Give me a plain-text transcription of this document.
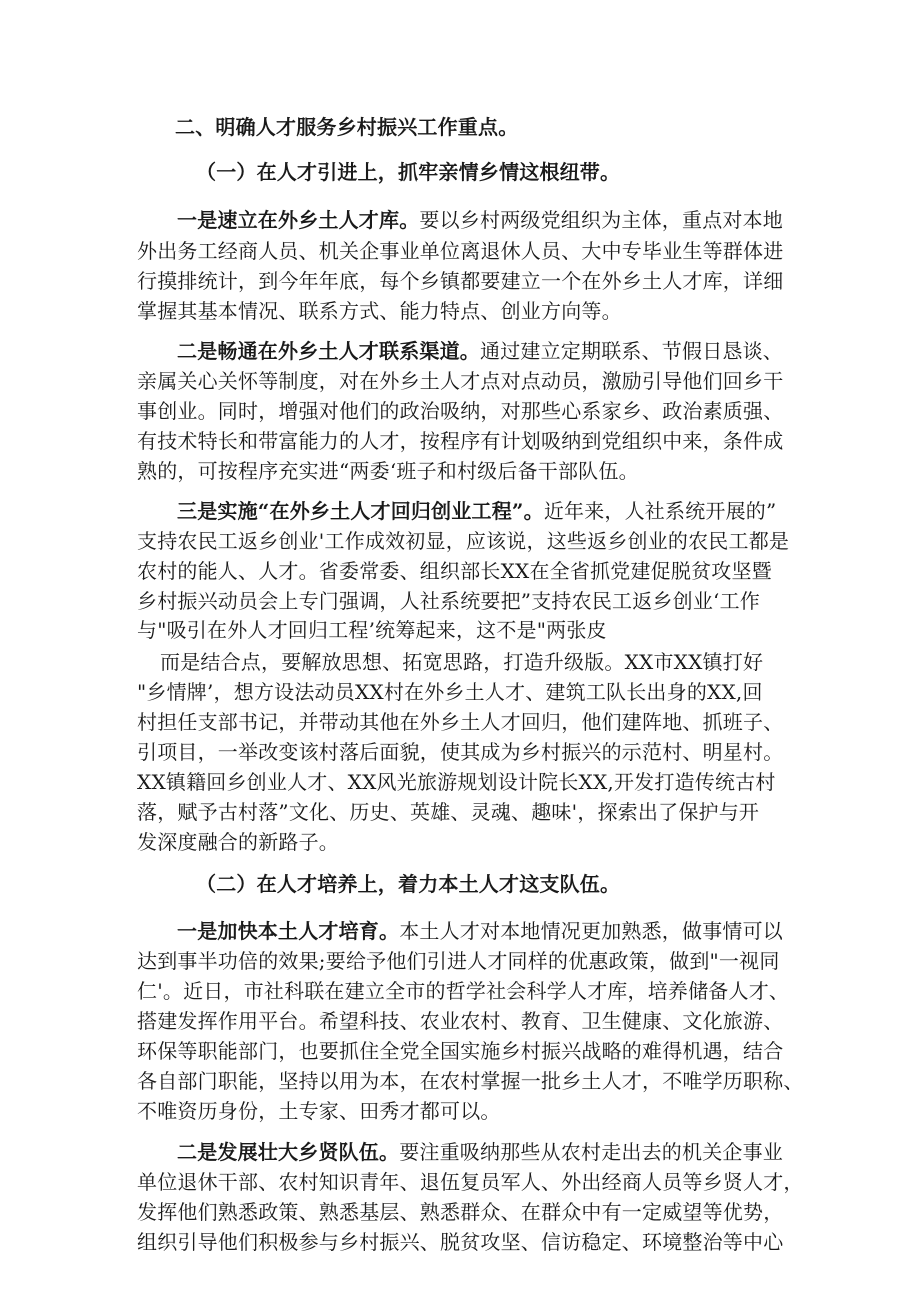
二、明确人才服务乡村振兴工作重点。
（一）在人才引进上，抓牢亲情乡情这根纽带。
一是速立在外乡土人才库。要以乡村两级党组织为主体，重点对本地
外出务工经商人员、机关企事业单位离退休人员、大中专毕业生等群体进
行摸排统计，到今年年底，每个乡镇都要建立一个在外乡土人才库，详细
掌握其基本情况、联系方式、能力特点、创业方向等。
二是畅通在外乡土人才联系渠道。通过建立定期联系、节假日恳谈、
亲属关心关怀等制度，对在外乡土人才点对点动员，激励引导他们回乡干
事创业。同时，增强对他们的政治吸纳，对那些心系家乡、政治素质强、
有技术特长和带富能力的人才，按程序有计划吸纳到党组织中来，条件成
熟的，可按程序充实进“两委‘班子和村级后备干部队伍。
三是实施“在外乡土人才回归创业工程”。近年来，人社系统开展的”
支持农民工返乡创业'工作成效初显，应该说，这些返乡创业的农民工都是
农村的能人、人才。省委常委、组织部长XX在全省抓党建促脱贫攻坚暨
乡村振兴动员会上专门强调，人社系统要把”支持农民工返乡创业‘工作
与"吸引在外人才回归工程’统筹起来，这不是"两张皮
而是结合点，要解放思想、拓宽思路，打造升级版。XX市XX镇打好
"乡情牌’，想方设法动员XX村在外乡土人才、建筑工队长出身的XX,回
村担任支部书记，并带动其他在外乡土人才回归，他们建阵地、抓班子、
引项目，一举改变该村落后面貌，使其成为乡村振兴的示范村、明星村。
XX镇籍回乡创业人才、XX风光旅游规划设计院长XX,开发打造传统古村
落，赋予古村落”文化、历史、英雄、灵魂、趣味'，探索出了保护与开
发深度融合的新路子。
（二）在人才培养上，着力本土人才这支队伍。
一是加快本土人才培育。本土人才对本地情况更加熟悉，做事情可以
达到事半功倍的效果;要给予他们引进人才同样的优惠政策，做到"一视同
仁'。近日，市社科联在建立全市的哲学社会科学人才库，培养储备人才、
搭建发挥作用平台。希望科技、农业农村、教育、卫生健康、文化旅游、
环保等职能部门，也要抓住全党全国实施乡村振兴战略的难得机遇，结合
各自部门职能，坚持以用为本，在农村掌握一批乡土人才，不唯学历职称、
不唯资历身份，土专家、田秀才都可以。
二是发展壮大乡贤队伍。要注重吸纳那些从农村走出去的机关企事业
单位退休干部、农村知识青年、退伍复员军人、外出经商人员等乡贤人才，
发挥他们熟悉政策、熟悉基层、熟悉群众、在群众中有一定威望等优势，
组织引导他们积极参与乡村振兴、脱贫攻坚、信访稳定、环境整治等中心
